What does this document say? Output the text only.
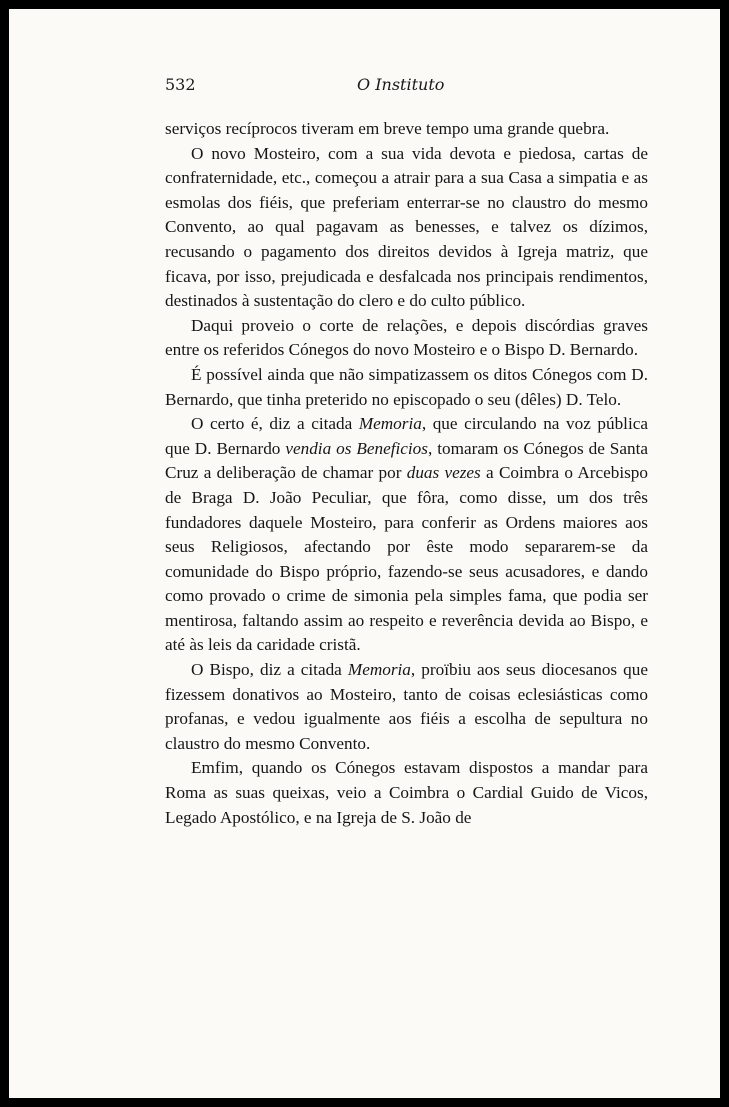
532	O Instituto

serviços recíprocos tiveram em breve tempo uma grande quebra.

O novo Mosteiro, com a sua vida devota e piedosa, cartas de confraternidade, etc., começou a atrair para a sua Casa a simpatia e as esmolas dos fiéis, que preferiam enterrar-se no claustro do mesmo Convento, ao qual pagavam as benesses, e talvez os dízimos, recusando o pagamento dos direitos devidos à Igreja matriz, que ficava, por isso, prejudicada e desfalcada nos principais rendimentos, destinados à sustentação do clero e do culto público.

Daqui proveio o corte de relações, e depois discórdias graves entre os referidos Cónegos do novo Mosteiro e o Bispo D. Bernardo.

É possível ainda que não simpatizassem os ditos Cónegos com D. Bernardo, que tinha preterido no episcopado o seu (dêles) D. Telo.

O certo é, diz a citada Memoria, que circulando na voz pública que D. Bernardo vendia os Beneficios, tomaram os Cónegos de Santa Cruz a deliberação de chamar por duas vezes a Coimbra o Arcebispo de Braga D. João Peculiar, que fôra, como disse, um dos três fundadores daquele Mosteiro, para conferir as Ordens maiores aos seus Religiosos, afectando por êste modo separarem-se da comunidade do Bispo próprio, fazendo-se seus acusadores, e dando como provado o crime de simonia pela simples fama, que podia ser mentirosa, faltando assim ao respeito e reverência devida ao Bispo, e até às leis da caridade cristã.

O Bispo, diz a citada Memoria, proïbiu aos seus diocesanos que fizessem donativos ao Mosteiro, tanto de coisas eclesiásticas como profanas, e vedou igualmente aos fiéis a escolha de sepultura no claustro do mesmo Convento.

Emfim, quando os Cónegos estavam dispostos a mandar para Roma as suas queixas, veio a Coimbra o Cardial Guido de Vicos, Legado Apostólico, e na Igreja de S. João de
